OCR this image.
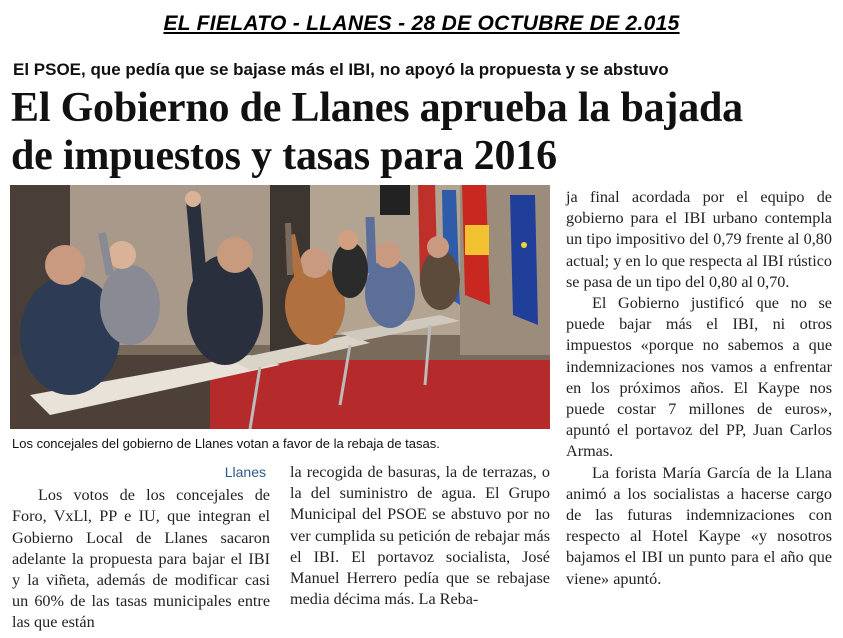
EL FIELATO - LLANES - 28 DE OCTUBRE DE 2.015
El PSOE, que pedía que se bajase más el IBI, no apoyó la propuesta y se abstuvo
El Gobierno de Llanes aprueba la bajada
de impuestos y tasas para 2016
Los concejales del gobierno de Llanes votan a favor de la rebaja de tasas.
Llanes

Los votos de los concejales de Foro, VxLl, PP e IU, que integran el Gobierno Local de Llanes sacaron adelante la propuesta para bajar el IBI y la viñeta, además de modificar casi un 60% de las tasas municipales entre las que están

la recogida de basuras, la de terrazas, o la del suministro de agua. El Grupo Municipal del PSOE se abstuvo por no ver cumplida su petición de rebajar más el IBI. El portavoz socialista, José Manuel Herrero pedía que se rebajase media décima más. La Reba-

ja final acordada por el equipo de gobierno para el IBI urbano contempla un tipo impositivo del 0,79 frente al 0,80 actual; y en lo que respecta al IBI rústico se pasa de un tipo del 0,80 al 0,70.

El Gobierno justificó que no se puede bajar más el IBI, ni otros impuestos «porque no sabemos a que indemnizaciones nos vamos a enfrentar en los próximos años. El Kaype nos puede costar 7 millones de euros», apuntó el portavoz del PP, Juan Carlos Armas.

La forista María García de la Llana animó a los socialistas a hacerse cargo de las futuras indemnizaciones con respecto al Hotel Kaype «y nosotros bajamos el IBI un punto para el año que viene» apuntó.
